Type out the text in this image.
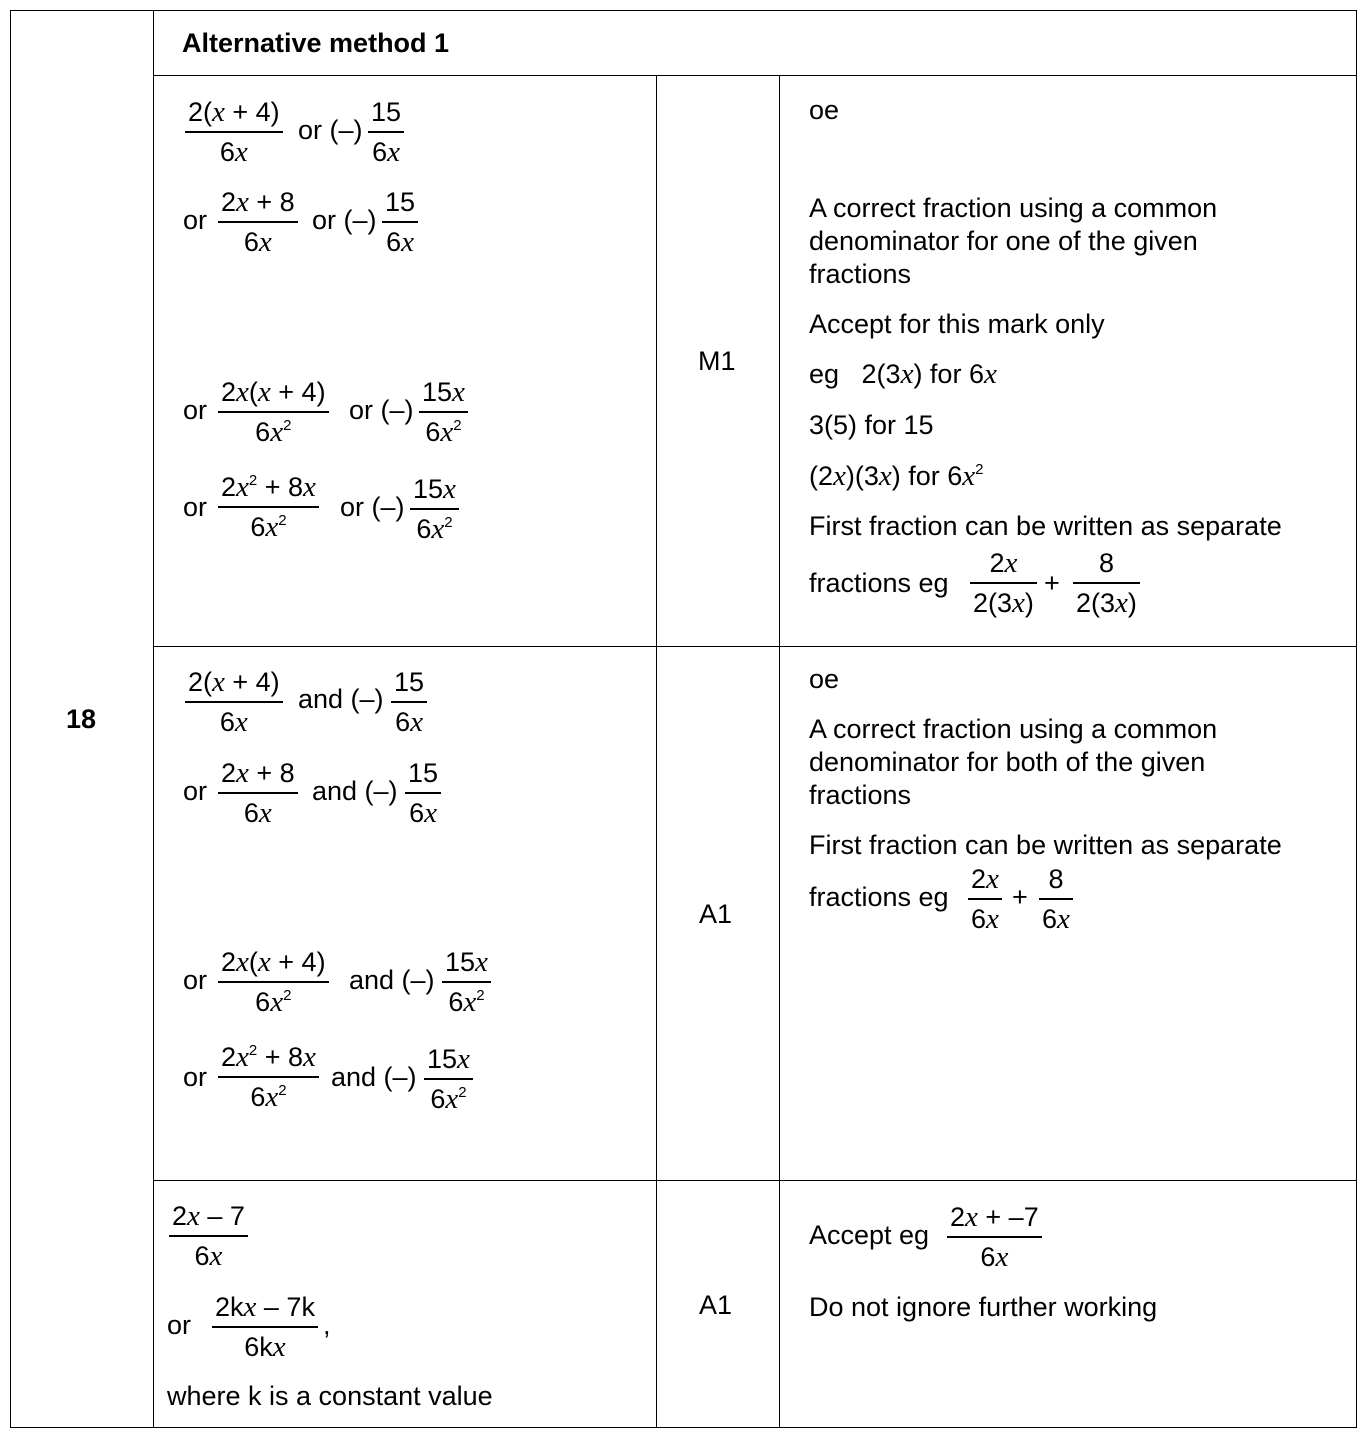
18
Alternative method 1
2(x + 4)
6x
or (–)
15
6x
or
2x + 8
6x
or (–)
15
6x
or
2x(x + 4)
$6x^2$
or (–)
15x
$6x^2$
or
$2x^2 + 8x$
$6x^2$ or (–)
15x
$6x^2$
M1
oe
A correct fraction using a common
denominator for one of the given
fractions
Accept for this mark only
eg   2(3x) for 6x
3(5) for 15
(2x)(3x) for $6x^2$
First fraction can be written as separate
fractions eg
2x
2(3x)
+
8
2(3x)
2(x + 4)
6x
and (–)
15
6x
or
2x + 8
6x
and (–)
15
6x
or
2x(x + 4)
$6x^2$
and (–)
15x
$6x^2$
or
$2x^2 + 8x$
$6x^2$ and (–)
15x
$6x^2$
A1
oe
A correct fraction using a common
denominator for both of the given
fractions
First fraction can be written as separate
fractions eg
2x
6x
+
8
6x
2x – 7
6x
or
2kx – 7k
6kx
,
where k is a constant value
A1
Accept eg
2x + –7
6x
Do not ignore further working
